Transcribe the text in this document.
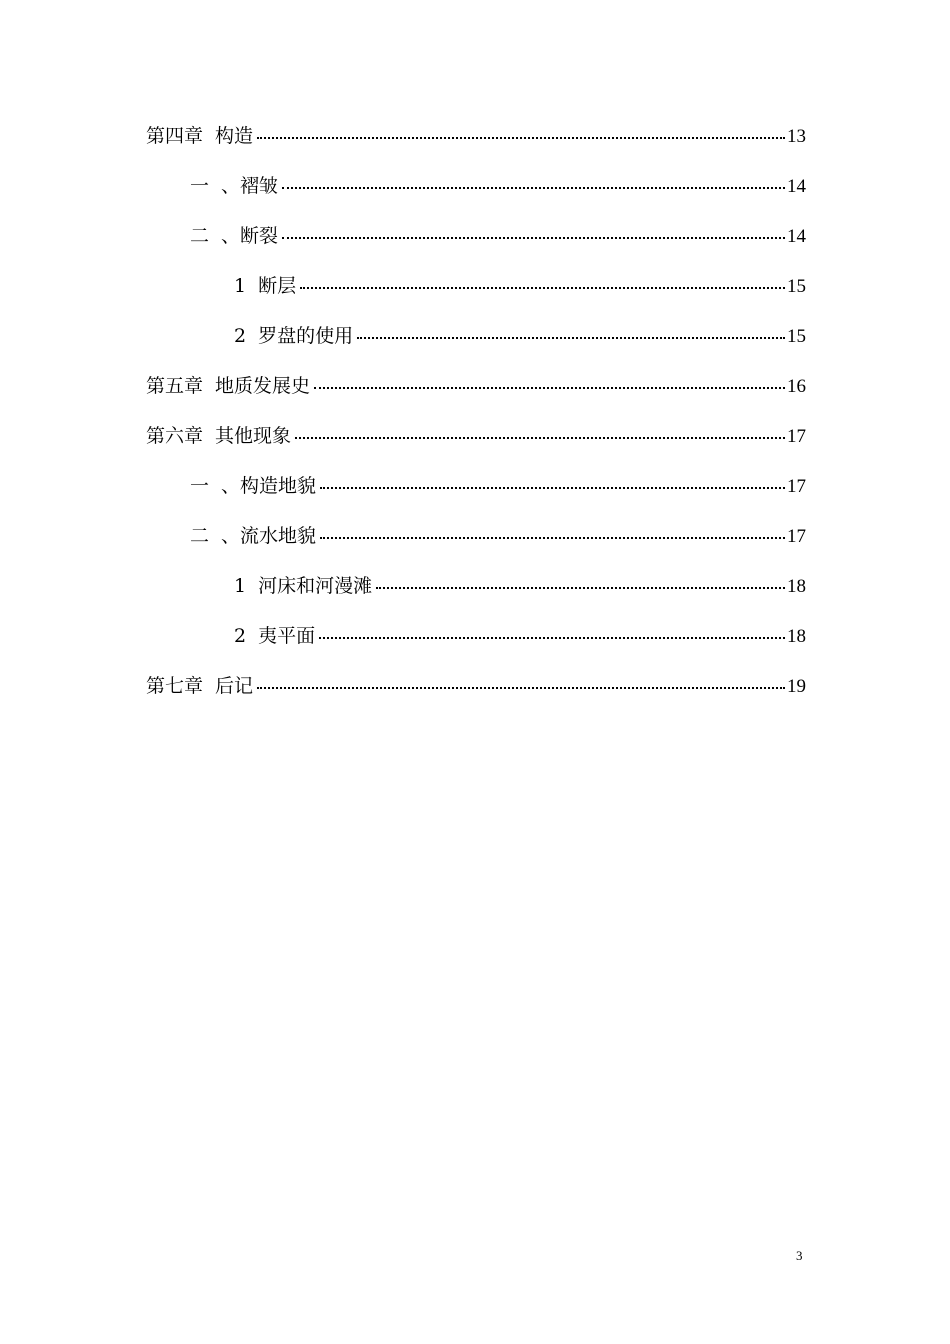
第四章 构造	13
一 、褶皱	14
二 、断裂	14
1 断层	15
2 罗盘的使用	15
第五章 地质发展史	16
第六章 其他现象	17
一 、构造地貌	17
二 、流水地貌	17
1 河床和河漫滩	18
2 夷平面	18
第七章 后记	19
3
